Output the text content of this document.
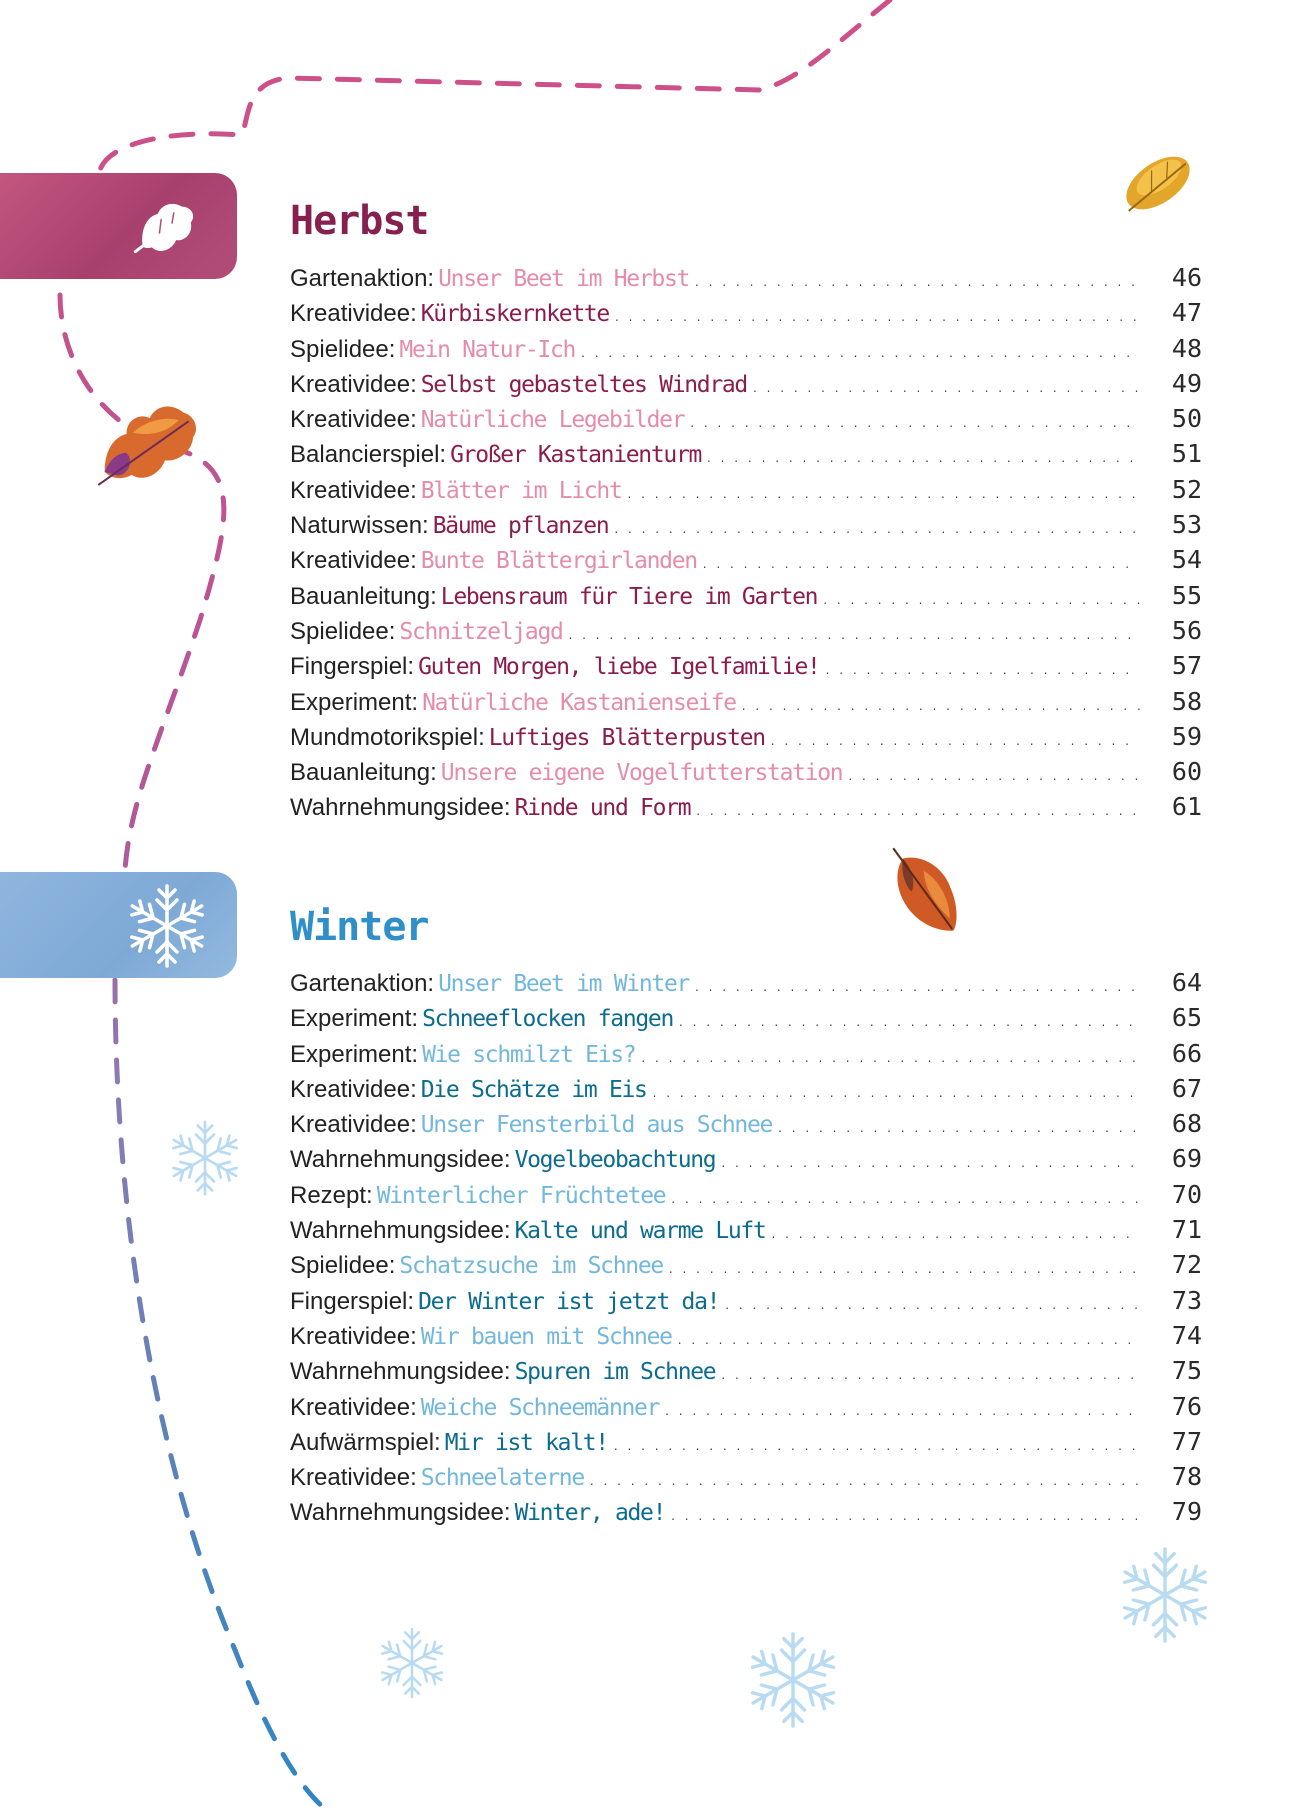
Herbst
Gartenaktion: Unser Beet im Herbst . . .	46
Kreatividee: Kürbiskernkette . . .	47
Spielidee: Mein Natur-Ich . . .	48
Kreatividee: Selbst gebasteltes Windrad . . .	49
Kreatividee: Natürliche Legebilder . . .	50
Balancierspiel: Großer Kastanienturm . . .	51
Kreatividee: Blätter im Licht . . .	52
Naturwissen: Bäume pflanzen . . .	53
Kreatividee: Bunte Blättergirlanden . . .	54
Bauanleitung: Lebensraum für Tiere im Garten . . .	55
Spielidee: Schnitzeljagd . . .	56
Fingerspiel: Guten Morgen, liebe Igelfamilie! . . .	57
Experiment: Natürliche Kastanienseife . . .	58
Mundmotorikspiel: Luftiges Blätterpusten . . .	59
Bauanleitung: Unsere eigene Vogelfutterstation . . .	60
Wahrnehmungsidee: Rinde und Form . . .	61
Winter
Gartenaktion: Unser Beet im Winter . . .	64
Experiment: Schneeflocken fangen . . .	65
Experiment: Wie schmilzt Eis? . . .	66
Kreatividee: Die Schätze im Eis . . .	67
Kreatividee: Unser Fensterbild aus Schnee . . .	68
Wahrnehmungsidee: Vogelbeobachtung . . .	69
Rezept: Winterlicher Früchtetee . . .	70
Wahrnehmungsidee: Kalte und warme Luft . . .	71
Spielidee: Schatzsuche im Schnee . . .	72
Fingerspiel: Der Winter ist jetzt da! . . .	73
Kreatividee: Wir bauen mit Schnee . . .	74
Wahrnehmungsidee: Spuren im Schnee . . .	75
Kreatividee: Weiche Schneemänner . . .	76
Aufwärmspiel: Mir ist kalt! . . .	77
Kreatividee: Schneelaterne . . .	78
Wahrnehmungsidee: Winter, ade! . . .	79
